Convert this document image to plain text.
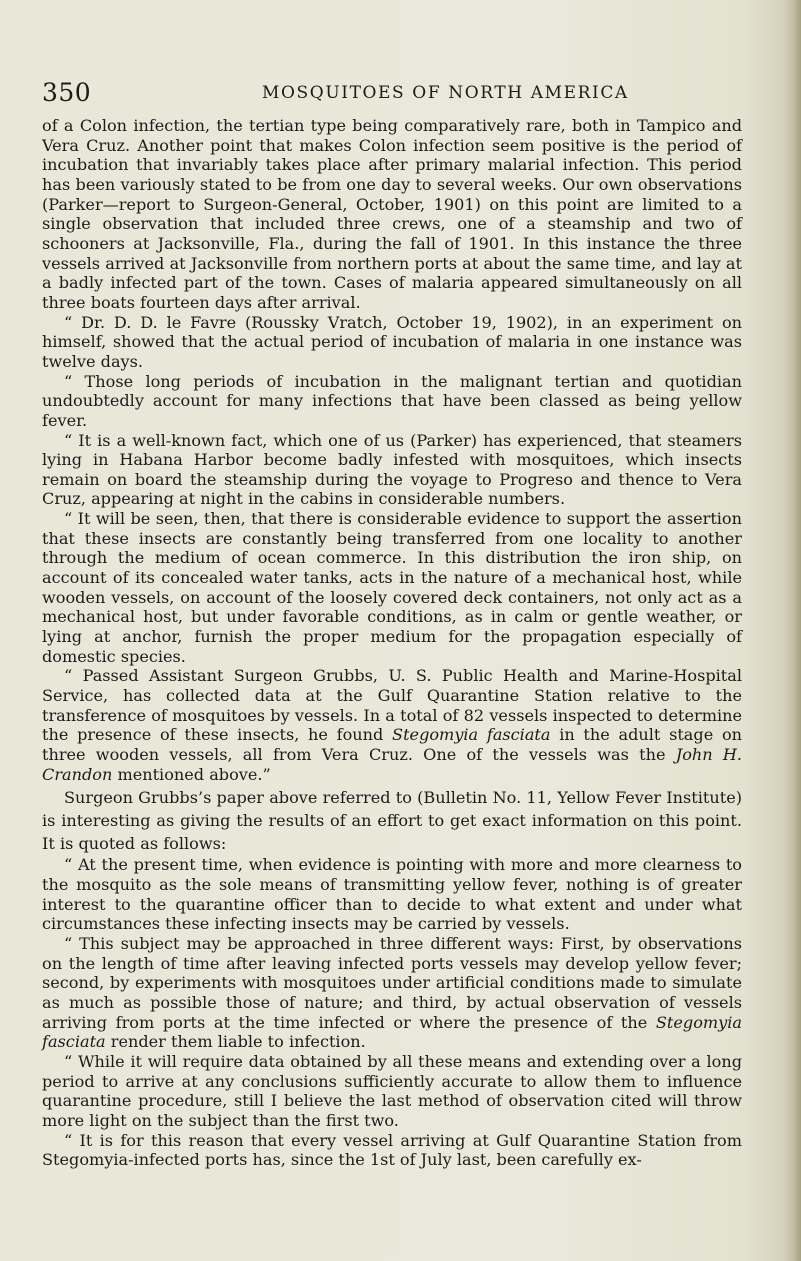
350	MOSQUITOES OF NORTH AMERICA

of a Colon infection, the tertian type being comparatively rare, both in Tampico and Vera Cruz. Another point that makes Colon infection seem positive is the period of incubation that invariably takes place after primary malarial infection. This period has been variously stated to be from one day to several weeks. Our own observations (Parker—report to Surgeon-General, October, 1901) on this point are limited to a single observation that included three crews, one of a steamship and two of schooners at Jacksonville, Fla., during the fall of 1901. In this instance the three vessels arrived at Jacksonville from northern ports at about the same time, and lay at a badly infected part of the town. Cases of malaria appeared simultaneously on all three boats fourteen days after arrival.

“ Dr. D. D. le Favre (Roussky Vratch, October 19, 1902), in an experiment on himself, showed that the actual period of incubation of malaria in one instance was twelve days.

“ Those long periods of incubation in the malignant tertian and quotidian undoubtedly account for many infections that have been classed as being yellow fever.

“ It is a well-known fact, which one of us (Parker) has experienced, that steamers lying in Habana Harbor become badly infested with mosquitoes, which insects remain on board the steamship during the voyage to Progreso and thence to Vera Cruz, appearing at night in the cabins in considerable numbers.

“ It will be seen, then, that there is considerable evidence to support the assertion that these insects are constantly being transferred from one locality to another through the medium of ocean commerce. In this distribution the iron ship, on account of its concealed water tanks, acts in the nature of a mechanical host, while wooden vessels, on account of the loosely covered deck containers, not only act as a mechanical host, but under favorable conditions, as in calm or gentle weather, or lying at anchor, furnish the proper medium for the propagation especially of domestic species.

“ Passed Assistant Surgeon Grubbs, U. S. Public Health and Marine-Hospital Service, has collected data at the Gulf Quarantine Station relative to the transference of mosquitoes by vessels. In a total of 82 vessels inspected to determine the presence of these insects, he found Stegomyia fasciata in the adult stage on three wooden vessels, all from Vera Cruz. One of the vessels was the John H. Crandon mentioned above.”

Surgeon Grubbs’s paper above referred to (Bulletin No. 11, Yellow Fever Institute) is interesting as giving the results of an effort to get exact information on this point. It is quoted as follows:

“ At the present time, when evidence is pointing with more and more clearness to the mosquito as the sole means of transmitting yellow fever, nothing is of greater interest to the quarantine officer than to decide to what extent and under what circumstances these infecting insects may be carried by vessels.

“ This subject may be approached in three different ways: First, by observations on the length of time after leaving infected ports vessels may develop yellow fever; second, by experiments with mosquitoes under artificial conditions made to simulate as much as possible those of nature; and third, by actual observation of vessels arriving from ports at the time infected or where the presence of the Stegomyia fasciata render them liable to infection.

“ While it will require data obtained by all these means and extending over a long period to arrive at any conclusions sufficiently accurate to allow them to influence quarantine procedure, still I believe the last method of observation cited will throw more light on the subject than the first two.

“ It is for this reason that every vessel arriving at Gulf Quarantine Station from Stegomyia-infected ports has, since the 1st of July last, been carefully ex-
